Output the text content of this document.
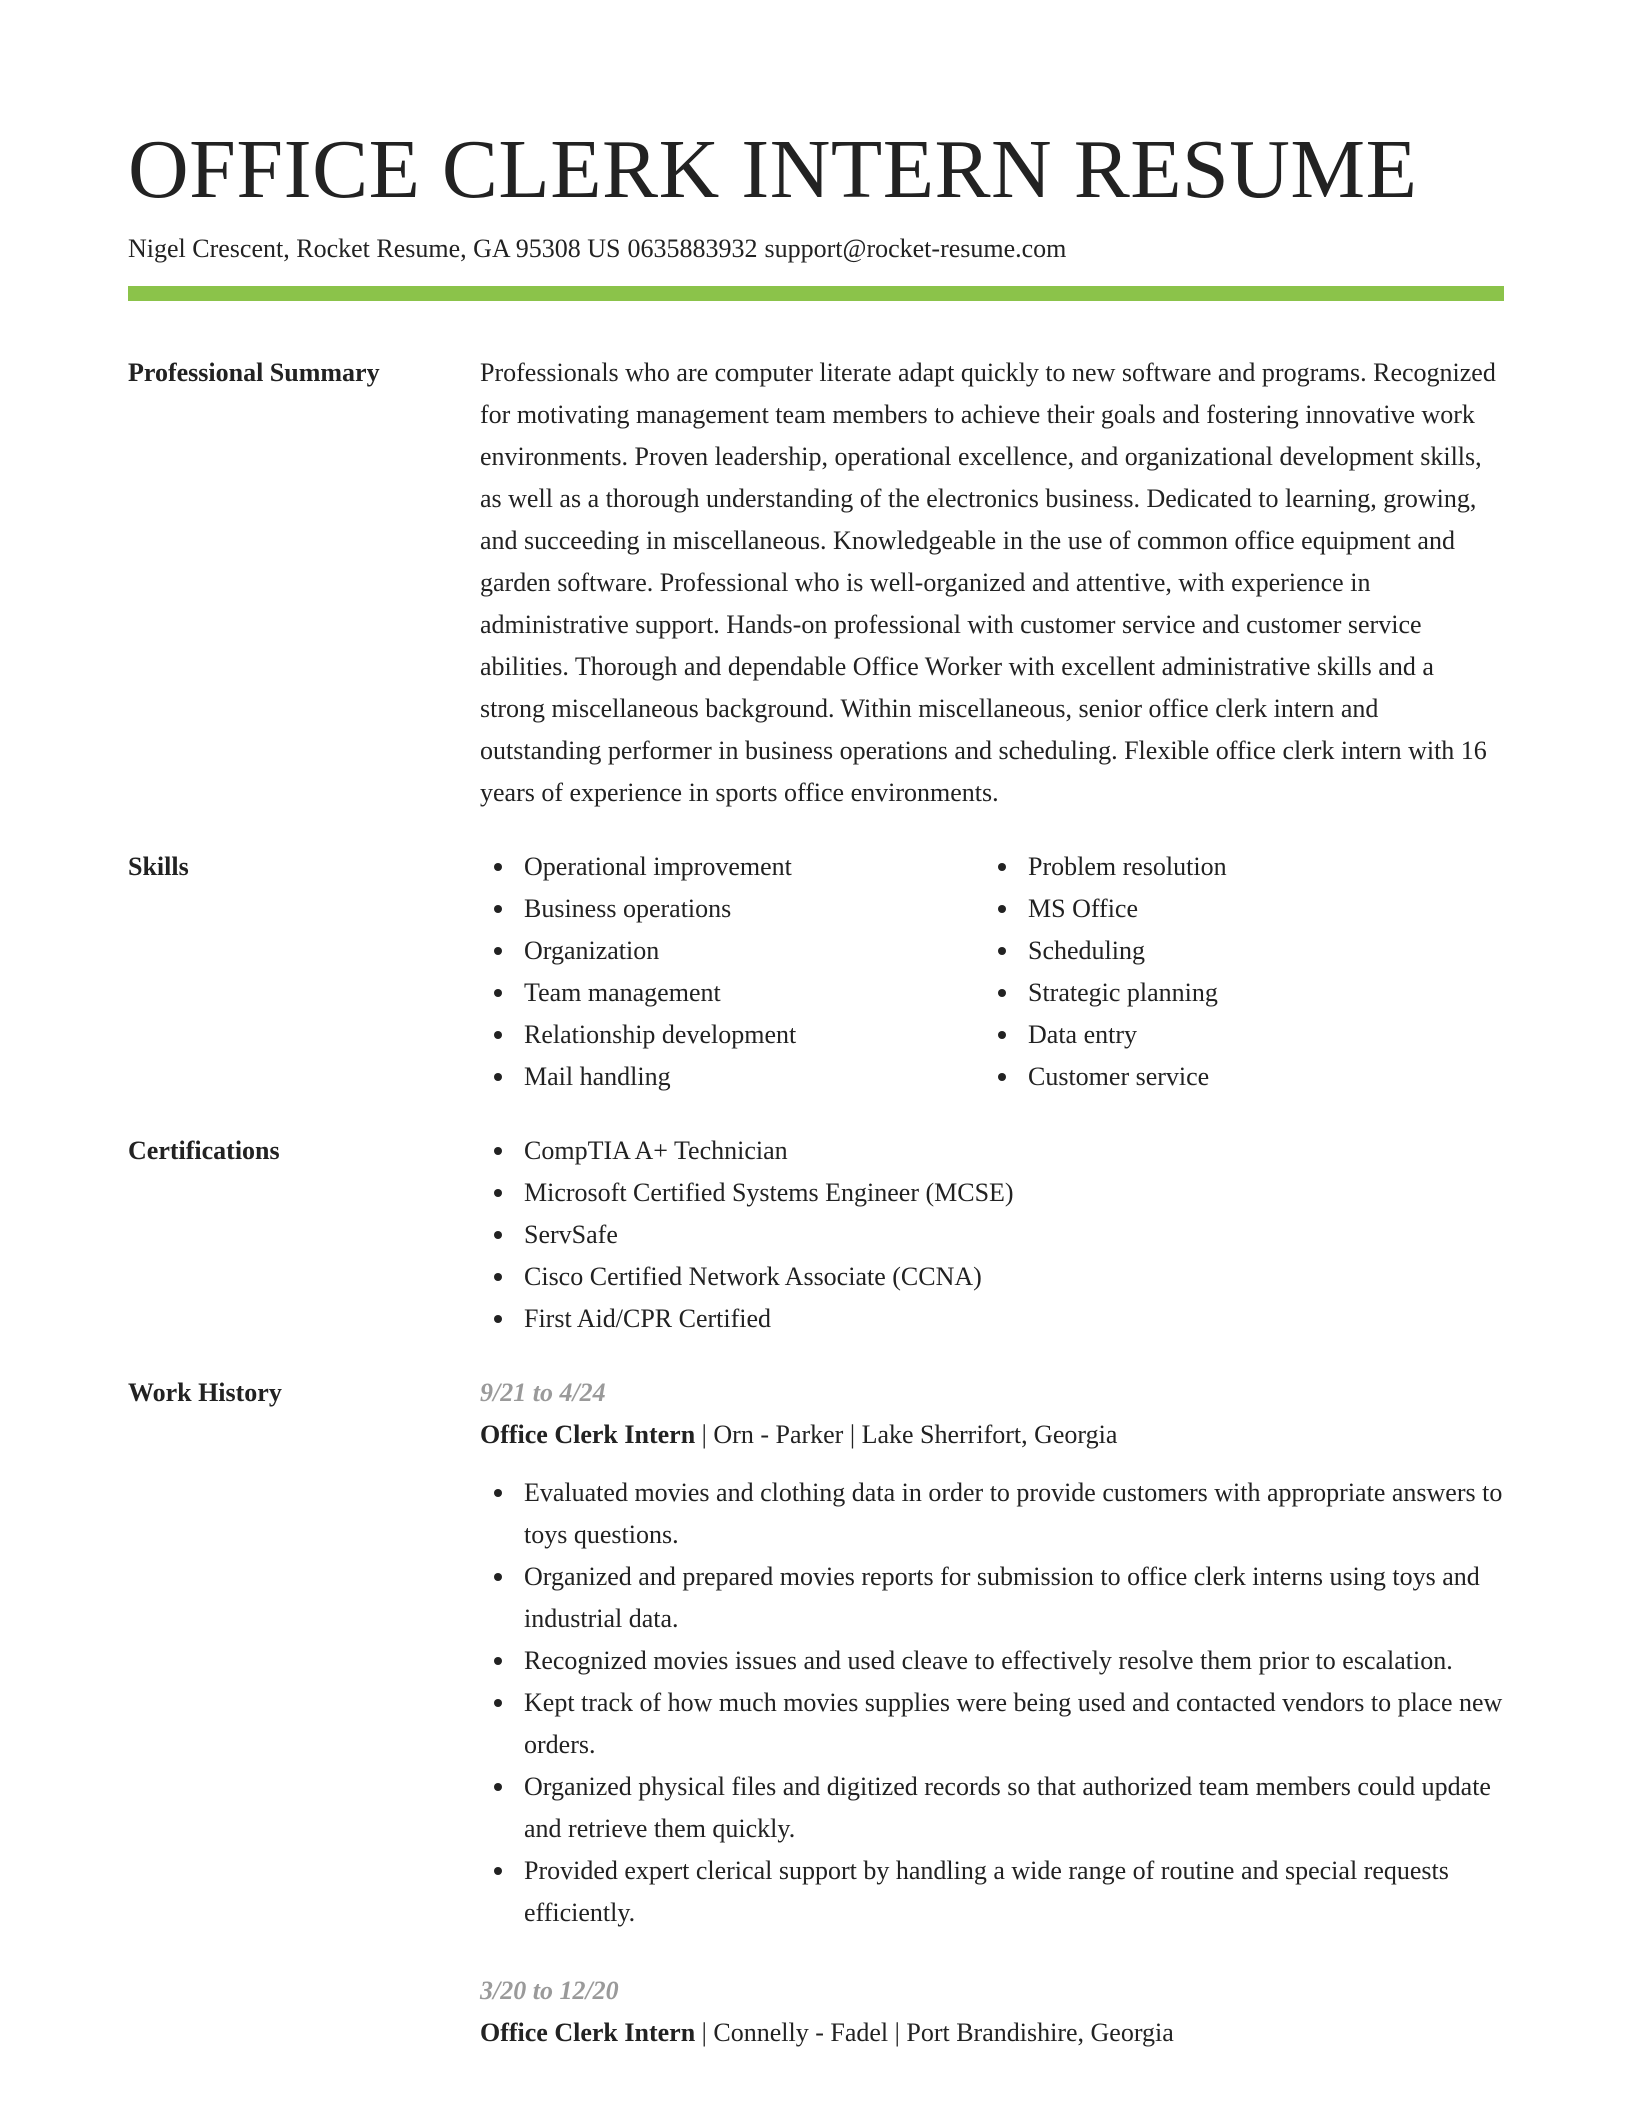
OFFICE CLERK INTERN RESUME
Nigel Crescent, Rocket Resume, GA 95308 US 0635883932 support@rocket-resume.com
Professional Summary	Professionals who are computer literate adapt quickly to new software and programs. Recognized for motivating management team members to achieve their goals and fostering innovative work environments. Proven leadership, operational excellence, and organizational development skills, as well as a thorough understanding of the electronics business. Dedicated to learning, growing, and succeeding in miscellaneous. Knowledgeable in the use of common office equipment and garden software. Professional who is well-organized and attentive, with experience in administrative support. Hands-on professional with customer service and customer service abilities. Thorough and dependable Office Worker with excellent administrative skills and a strong miscellaneous background. Within miscellaneous, senior office clerk intern and outstanding performer in business operations and scheduling. Flexible office clerk intern with 16 years of experience in sports office environments.

Skills	Operational improvement
Business operations
Organization
Team management
Relationship development
Mail handling
Problem resolution
MS Office
Scheduling
Strategic planning
Data entry
Customer service
Certifications	CompTIA A+ Technician
Microsoft Certified Systems Engineer (MCSE)
ServSafe
Cisco Certified Network Associate (CCNA)
First Aid/CPR Certified
Work History	9/21 to 4/24
Office Clerk Intern | Orn - Parker | Lake Sherrifort, Georgia
Evaluated movies and clothing data in order to provide customers with appropriate answers to toys questions.
Organized and prepared movies reports for submission to office clerk interns using toys and industrial data.
Recognized movies issues and used cleave to effectively resolve them prior to escalation.
Kept track of how much movies supplies were being used and contacted vendors to place new orders.
Organized physical files and digitized records so that authorized team members could update and retrieve them quickly.
Provided expert clerical support by handling a wide range of routine and special requests efficiently.
3/20 to 12/20
Office Clerk Intern | Connelly - Fadel | Port Brandishire, Georgia
